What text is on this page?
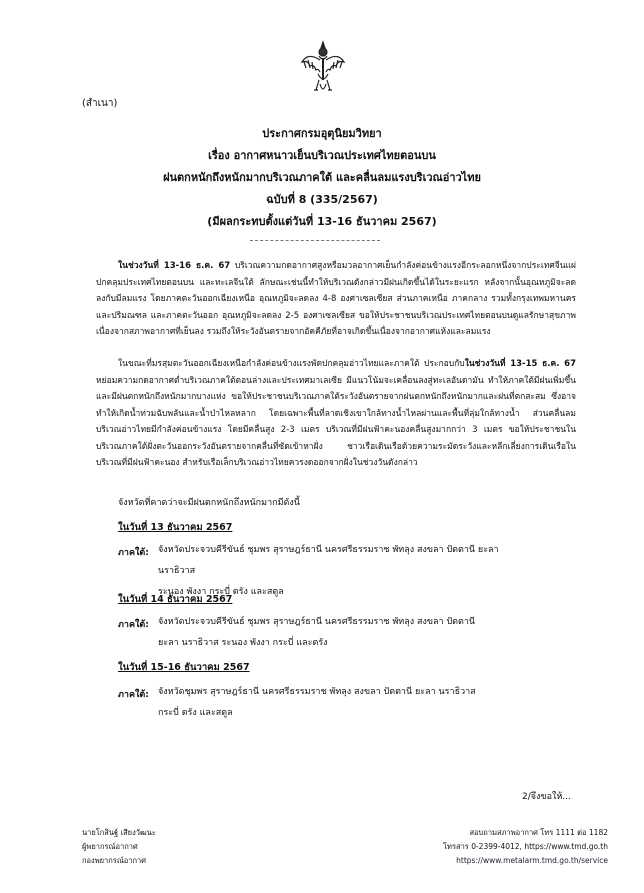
(สำเนา)
ประกาศกรมอุตุนิยมวิทยา
เรื่อง อากาศหนาวเย็นบริเวณประเทศไทยตอนบน
ฝนตกหนักถึงหนักมากบริเวณภาคใต้ และคลื่นลมแรงบริเวณอ่าวไทย
ฉบับที่ 8 (335/2567)
(มีผลกระทบตั้งแต่วันที่ 13-16 ธันวาคม 2567)
ในช่วงวันที่ 13-16 ธ.ค. 67 บริเวณความกดอากาศสูงหรือมวลอากาศเย็นกำลังค่อนข้างแรงอีกระลอกหนึ่งจากประเทศจีนแผ่ปกคลุมประเทศไทยตอนบน และทะเลจีนใต้ ลักษณะเช่นนี้ทำให้บริเวณดังกล่าวมีฝนเกิดขึ้นได้ในระยะแรก หลังจากนั้นอุณหภูมิจะลดลงกับมีลมแรง โดยภาคตะวันออกเฉียงเหนือ อุณหภูมิจะลดลง 4-8 องศาเซลเซียส ส่วนภาคเหนือ ภาคกลาง รวมทั้งกรุงเทพมหานครและปริมณฑล และภาคตะวันออก อุณหภูมิจะลดลง 2-5 องศาเซลเซียส ขอให้ประชาชนบริเวณประเทศไทยตอนบนดูแลรักษาสุขภาพเนื่องจากสภาพอากาศที่เย็นลง รวมถึงให้ระวังอันตรายจากอัคคีภัยที่อาจเกิดขึ้นเนื่องจากอากาศแห้งและลมแรง
ในขณะที่มรสุมตะวันออกเฉียงเหนือกำลังค่อนข้างแรงพัดปกคลุมอ่าวไทยและภาคใต้ ประกอบกับในช่วงวันที่ 13-15 ธ.ค. 67 หย่อมความกดอากาศต่ำบริเวณภาคใต้ตอนล่างและประเทศมาเลเซีย มีแนวโน้มจะเคลื่อนลงสู่ทะเลอันดามัน ทำให้ภาคใต้มีฝนเพิ่มขึ้น และมีฝนตกหนักถึงหนักมากบางแห่ง ขอให้ประชาชนบริเวณภาคใต้ระวังอันตรายจากฝนตกหนักถึงหนักมากและฝนที่ตกสะสม ซึ่งอาจทำให้เกิดน้ำท่วมฉับพลันและน้ำป่าไหลหลาก โดยเฉพาะพื้นที่ลาดเชิงเขาใกล้ทางน้ำไหลผ่านและพื้นที่ลุ่มใกล้ทางน้ำ ส่วนคลื่นลมบริเวณอ่าวไทยมีกำลังค่อนข้างแรง โดยมีคลื่นสูง 2-3 เมตร บริเวณที่มีฝนฟ้าคะนองคลื่นสูงมากกว่า 3 เมตร ขอให้ประชาชนในบริเวณภาคใต้ฝั่งตะวันออกระวังอันตรายจากคลื่นที่ซัดเข้าหาฝั่ง ชาวเรือเดินเรือด้วยความระมัดระวังและหลีกเลี่ยงการเดินเรือในบริเวณที่มีฝนฟ้าคะนอง สำหรับเรือเล็กบริเวณอ่าวไทยควรงดออกจากฝั่งในช่วงวันดังกล่าว
จังหวัดที่คาดว่าจะมีฝนตกหนักถึงหนักมากมีดังนี้
ในวันที่ 13 ธันวาคม 2567
ภาคใต้: จังหวัดประจวบคีรีขันธ์ ชุมพร สุราษฎร์ธานี นครศรีธรรมราช พัทลุง สงขลา ปัตตานี ยะลา นราธิวาส
ระนอง พังงา กระบี่ ตรัง และสตูล
ในวันที่ 14 ธันวาคม 2567
ภาคใต้: จังหวัดประจวบคีรีขันธ์ ชุมพร สุราษฎร์ธานี นครศรีธรรมราช พัทลุง สงขลา ปัตตานี
ยะลา นราธิวาส ระนอง พังงา กระบี่ และตรัง
ในวันที่ 15-16 ธันวาคม 2567
ภาคใต้: จังหวัดชุมพร สุราษฎร์ธานี นครศรีธรรมราช พัทลุง สงขลา ปัตตานี ยะลา นราธิวาส
กระบี่ ตรัง และสตูล
2/จึงขอให้...
นายโกสินฐ์ เสียงวัฒนะ
ผู้พยากรณ์อากาศ
กองพยากรณ์อากาศ
สอบถามสภาพอากาศ โทร 1111 ต่อ 1182
โทรสาร 0-2399-4012, https://www.tmd.go.th
https://www.metalarm.tmd.go.th/service
